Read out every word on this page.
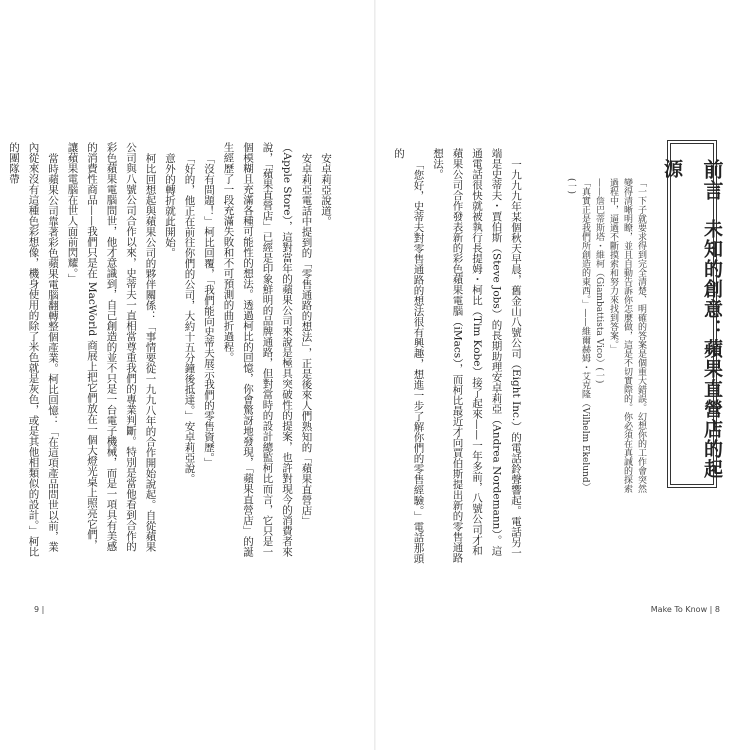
前言 未知的創意：蘋果直營店的起源

「一下子就要求得到完全清楚、明確的答案是個重大錯誤。幻想你的工作會突然變得清晰明瞭，並且自動告訴你怎麼做，這是不切實際的。你必須在真誠的探索過程中，逼過不斷摸索和努力來找到答案。」

——詹巴蒂斯塔・維柯（Giambattista Vico）(一)

「真實正是我們所創造的東西。」——維爾赫姆・艾克隆（Vilhelm Ekelund）(一)

一九九九年某個秋天早晨，舊金山八號公司（Eight Inc.）的電話鈴聲響起。電話另一端是史蒂夫・賈伯斯（Steve Jobs）的長期助理安卓莉亞（Andrea Nordemann）。這通電話很快就被執行長提姆・柯比（Tim Kobe）接了起來——一年多前，八號公司才和蘋果公司合作發表新的彩色蘋果電腦（iMacs），而柯比最近才向賈伯斯提出新的零售通路想法。

「您好，史蒂夫對零售通路的想法很有興趣，想進一步了解你們的零售經驗。」電話那頭的

Make To Know | 8

安卓莉亞說道。

安卓莉亞電話中提到的「零售通路的想法」，正是後來人們熟知的「蘋果直營店」（Apple Store），這對當年的蘋果公司來說是極具突破性的提案，也許對現今的消費者來說，「蘋果直營店」已經是印象鮮明的品牌通路，但對當時的設計總監柯比而言，它只是一個模糊且充滿各種可能性的想法。透過柯比的回憶，你會驚訝地發現，「蘋果直營店」的誕生經歷了一段充滿失敗和不可預測的曲折過程。

「沒有問題！」柯比回覆，「我們能向史蒂夫展示我們的零售資歷。」

「好的，他正在前往你們的公司，大約十五分鐘後抵達。」安卓莉亞說。

意外的轉折就此開始。

柯比回想起與蘋果公司的夥伴關係：「事情要從一九九八年的合作開始說起。自從蘋果公司與八號公司合作以來，史蒂夫一直相當尊重我們的專業判斷。特別是當他看到合作的彩色蘋果電腦問世，他才意識到，自己創造的並不只是一台電子機械，而是一項具有美感的消費性商品——我們只是在 MacWorld 商展上把它們放在一個大燈光桌上照亮它們，讓蘋果電腦在世人面前閃耀。」

當時蘋果公司靠著彩色蘋果電腦翻轉整個產業。柯比回憶：「在這項產品問世以前，業內從來沒有這種色彩想像，機身使用的除了米色就是灰色，或是其他相類似的設計。」柯比的團隊帶

9 |
